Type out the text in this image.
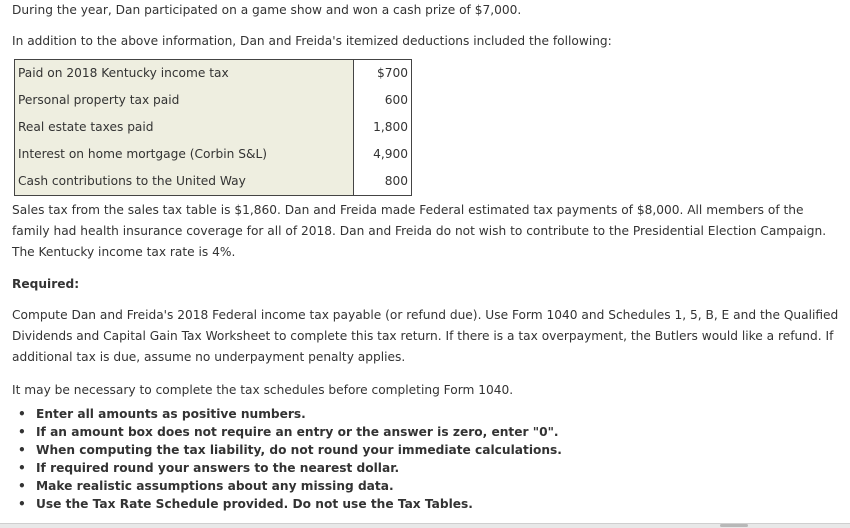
During the year, Dan participated on a game show and won a cash prize of $7,000.

In addition to the above information, Dan and Freida's itemized deductions included the following:

Paid on 2018 Kentucky income tax	$700
Personal property tax paid	600
Real estate taxes paid	1,800
Interest on home mortgage (Corbin S&L)	4,900
Cash contributions to the United Way	800

Sales tax from the sales tax table is $1,860. Dan and Freida made Federal estimated tax payments of $8,000. All members of the family had health insurance coverage for all of 2018. Dan and Freida do not wish to contribute to the Presidential Election Campaign. The Kentucky income tax rate is 4%.

Required:

Compute Dan and Freida's 2018 Federal income tax payable (or refund due). Use Form 1040 and Schedules 1, 5, B, E and the Qualified Dividends and Capital Gain Tax Worksheet to complete this tax return. If there is a tax overpayment, the Butlers would like a refund. If additional tax is due, assume no underpayment penalty applies.

It may be necessary to complete the tax schedules before completing Form 1040.

• Enter all amounts as positive numbers.
• If an amount box does not require an entry or the answer is zero, enter "0".
• When computing the tax liability, do not round your immediate calculations.
• If required round your answers to the nearest dollar.
• Make realistic assumptions about any missing data.
• Use the Tax Rate Schedule provided. Do not use the Tax Tables.
